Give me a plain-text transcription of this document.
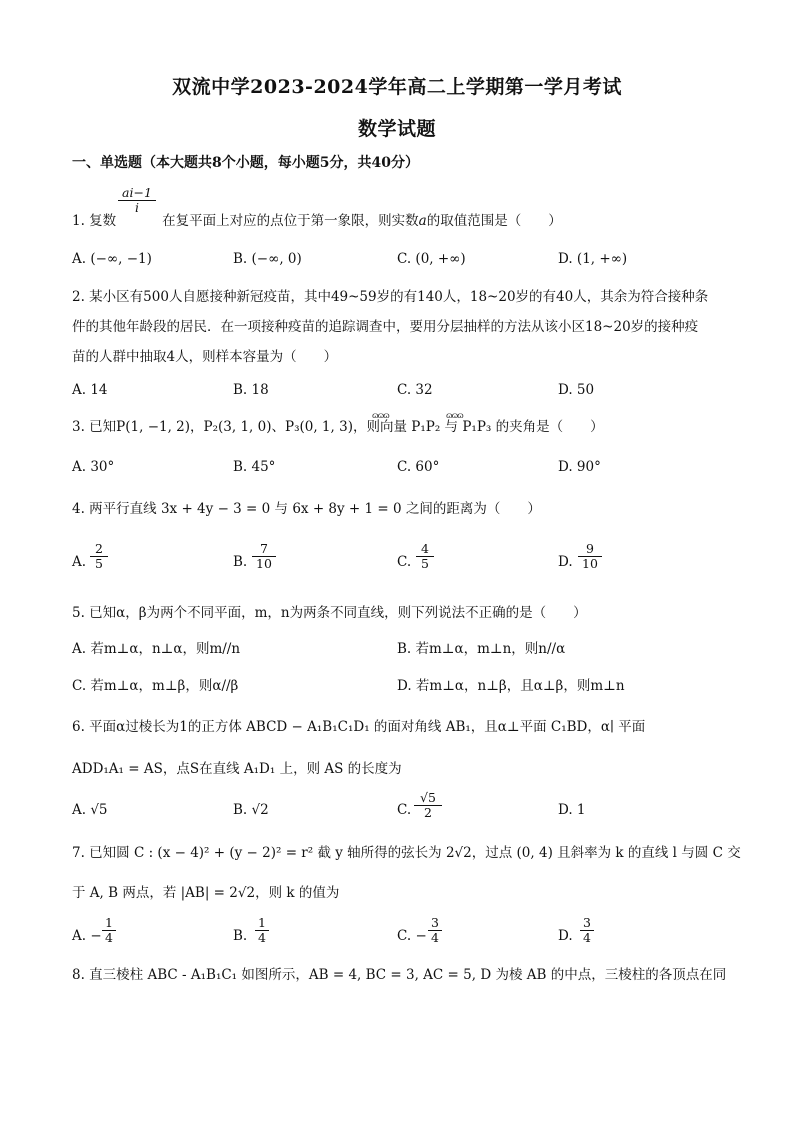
双流中学2023-2024学年高二上学期第一学月考试
数学试题
一、单选题（本大题共8个小题，每小题5分，共40分）
$\frac{ai-1}{i}$
1. 复数	在复平面上对应的点位于第一象限，则实数a的取值范围是（　　）
A. (−∞, −1)	B. (−∞, 0)	C. (0, +∞)	D. (1, +∞)
2. 某小区有500人自愿接种新冠疫苗，其中49~59岁的有140人，18~20岁的有40人，其余为符合接种条
件的其他年龄段的居民．在一项接种疫苗的追踪调查中，要用分层抽样的方法从该小区18~20岁的接种疫
苗的人群中抽取4人，则样本容量为（　　）
A. 14	B. 18	C. 32	D. 50
ɷɷɷ	ɷɷɷ
3. 已知P(1, −1, 2)，P₂(3, 1, 0)、P₃(0, 1, 3)，则向量 P₁P₂ 与 P₁P₃ 的夹角是（　　）
A. 30°	B. 45°	C. 60°	D. 90°
4. 两平行直线 3x + 4y − 3 = 0 与 6x + 8y + 1 = 0 之间的距离为（　　）
A. $\frac{2}{5}$	B. $\frac{7}{10}$	C. $\frac{4}{5}$	D. $\frac{9}{10}$
5. 已知α，β为两个不同平面，m，n为两条不同直线，则下列说法不正确的是（　　）
A. 若m⊥α，n⊥α，则m//n	B. 若m⊥α，m⊥n，则n//α
C. 若m⊥α，m⊥β，则α//β	D. 若m⊥α，n⊥β，且α⊥β，则m⊥n
6. 平面α过棱长为1的正方体 ABCD − A₁B₁C₁D₁ 的面对角线 AB₁，且α⊥平面 C₁BD，α∣ 平面
ADD₁A₁ = AS，点S在直线 A₁D₁ 上，则 AS 的长度为
A. √5	B. √2	C. $\frac{√5}{2}$	D. 1
7. 已知圆 C : (x − 4)² + (y − 2)² = r² 截 y 轴所得的弦长为 2√2，过点 (0, 4) 且斜率为 k 的直线 l 与圆 C 交
于 A, B 两点，若 |AB| = 2√2，则 k 的值为
A. − $\frac{1}{4}$	B. $\frac{1}{4}$	C. − $\frac{3}{4}$	D. $\frac{3}{4}$
8. 直三棱柱 ABC - A₁B₁C₁ 如图所示，AB = 4, BC = 3, AC = 5, D 为棱 AB 的中点，三棱柱的各顶点在同
